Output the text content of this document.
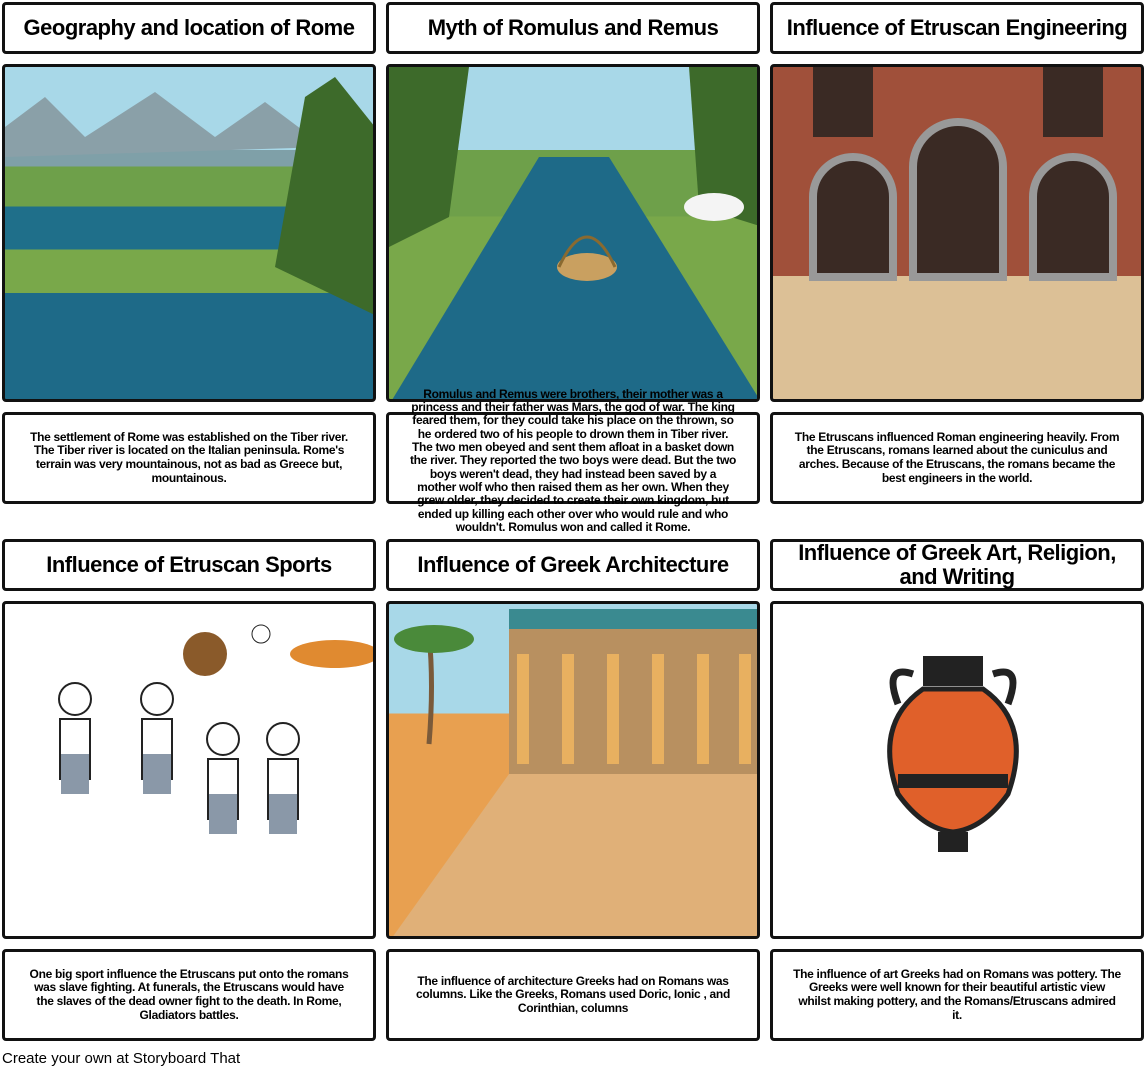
Geography and location of Rome	Myth of Romulus and Remus	Influence of Etruscan Engineering
The settlement of Rome was established on the Tiber river. The Tiber river is located on the Italian peninsula. Rome's terrain was very mountainous, not as bad as Greece but, mountainous.
Romulus and Remus were brothers, their mother was a princess and their father was Mars, the god of war. The king feared them, for they could take his place on the thrown, so he ordered two of his people to drown them in Tiber river. The two men obeyed and sent them afloat in a basket down the river. They reported the two boys were dead. But the two boys weren't dead, they had instead been saved by a mother wolf who then raised them as her own. When they grew older, they decided to create their own kingdom, but ended up killing each other over who would rule and who wouldn't. Romulus won and called it Rome.
The Etruscans influenced Roman engineering heavily. From the Etruscans, romans learned about the cuniculus and arches. Because of the Etruscans, the romans became the best engineers in the world.
Influence of Etruscan Sports	Influence of Greek Architecture	Influence of Greek Art, Religion, and Writing
One big sport influence the Etruscans put onto the romans was slave fighting. At funerals, the Etruscans would have the slaves of the dead owner fight to the death. In Rome, Gladiators battles.
The influence of architecture Greeks had on Romans was columns. Like the Greeks, Romans used Doric, Ionic , and Corinthian, columns
The influence of art Greeks had on Romans was pottery. The Greeks were well known for their beautiful artistic view whilst making pottery, and the Romans/Etruscans admired it.
Create your own at Storyboard That
